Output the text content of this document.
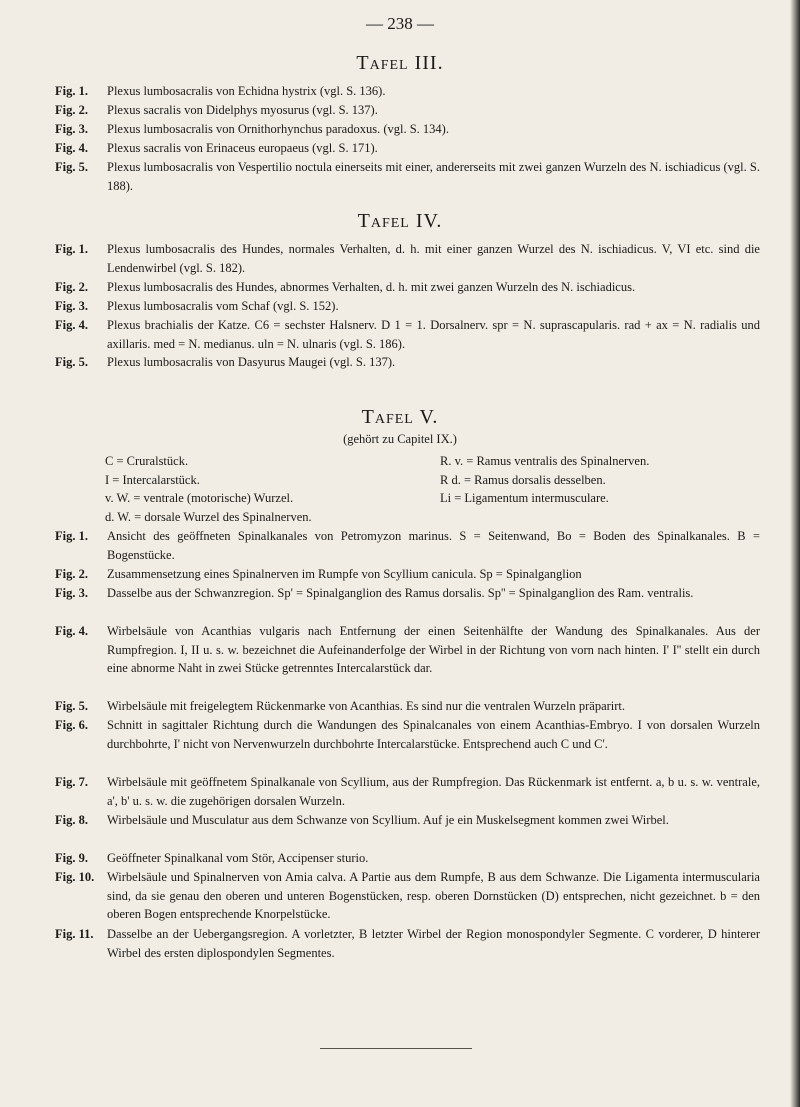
— 238 —
Tafel III.
Fig. 1. Plexus lumbosacralis von Echidna hystrix (vgl. S. 136).
Fig. 2. Plexus sacralis von Didelphys myosurus (vgl. S. 137).
Fig. 3. Plexus lumbosacralis von Ornithorhynchus paradoxus. (vgl. S. 134).
Fig. 4. Plexus sacralis von Erinaceus europaeus (vgl. S. 171).
Fig. 5. Plexus lumbosacralis von Vespertilio noctula einerseits mit einer, andererseits mit zwei ganzen Wurzeln des N. ischiadicus (vgl. S. 188).
Tafel IV.
Fig. 1. Plexus lumbosacralis des Hundes, normales Verhalten, d. h. mit einer ganzen Wurzel des N. ischiadicus. V, VI etc. sind die Lendenwirbel (vgl. S. 182).
Fig. 2. Plexus lumbosacralis des Hundes, abnormes Verhalten, d. h. mit zwei ganzen Wurzeln des N. ischiadicus.
Fig. 3. Plexus lumbosacralis vom Schaf (vgl. S. 152).
Fig. 4. Plexus brachialis der Katze. C6 = sechster Halsnerv. D 1 = 1. Dorsalnerv. spr = N. suprascapularis. rad + ax = N. radialis und axillaris. med = N. medianus. uln = N. ulnaris (vgl. S. 186).
Fig. 5. Plexus lumbosacralis von Dasyurus Maugei (vgl. S. 137).
Tafel V.
(gehört zu Capitel IX.)
C = Cruralstück.	R. v. = Ramus ventralis des Spinalnerven.
I = Intercalarstück.	R d. = Ramus dorsalis desselben.
v. W. = ventrale (motorische) Wurzel.	Li = Ligamentum intermusculare.
d. W. = dorsale Wurzel des Spinalnerven.
Fig. 1. Ansicht des geöffneten Spinalkanales von Petromyzon marinus. S = Seitenwand, Bo = Boden des Spinalkanales. B = Bogenstücke.
Fig. 2. Zusammensetzung eines Spinalnerven im Rumpfe von Scyllium canicula. Sp = Spinalganglion
Fig. 3. Dasselbe aus der Schwanzregion. Sp' = Spinalganglion des Ramus dorsalis. Sp'' = Spinalganglion des Ram. ventralis.
Fig. 4. Wirbelsäule von Acanthias vulgaris nach Entfernung der einen Seitenhälfte der Wandung des Spinalkanales. Aus der Rumpfregion. I, II u. s. w. bezeichnet die Aufeinanderfolge der Wirbel in der Richtung von vorn nach hinten. I' I'' stellt ein durch eine abnorme Naht in zwei Stücke getrenntes Intercalarstück dar.
Fig. 5. Wirbelsäule mit freigelegtem Rückenmarke von Acanthias. Es sind nur die ventralen Wurzeln präparirt.
Fig. 6. Schnitt in sagittaler Richtung durch die Wandungen des Spinalcanales von einem Acanthias-Embryo. I von dorsalen Wurzeln durchbohrte, I' nicht von Nervenwurzeln durchbohrte Intercalarstücke. Entsprechend auch C und C'.
Fig. 7. Wirbelsäule mit geöffnetem Spinalkanale von Scyllium, aus der Rumpfregion. Das Rückenmark ist entfernt. a, b u. s. w. ventrale, a', b' u. s. w. die zugehörigen dorsalen Wurzeln.
Fig. 8. Wirbelsäule und Musculatur aus dem Schwanze von Scyllium. Auf je ein Muskelsegment kommen zwei Wirbel.
Fig. 9. Geöffneter Spinalkanal vom Stör, Accipenser sturio.
Fig. 10. Wirbelsäule und Spinalnerven von Amia calva. A Partie aus dem Rumpfe, B aus dem Schwanze. Die Ligamenta intermuscularia sind, da sie genau den oberen und unteren Bogenstücken, resp. oberen Dornstücken (D) entsprechen, nicht gezeichnet. b = den oberen Bogen entsprechende Knorpelstücke.
Fig. 11. Dasselbe an der Uebergangsregion. A vorletzter, B letzter Wirbel der Region monospondyler Segmente. C vorderer, D hinterer Wirbel des ersten diplospondylen Segmentes.
